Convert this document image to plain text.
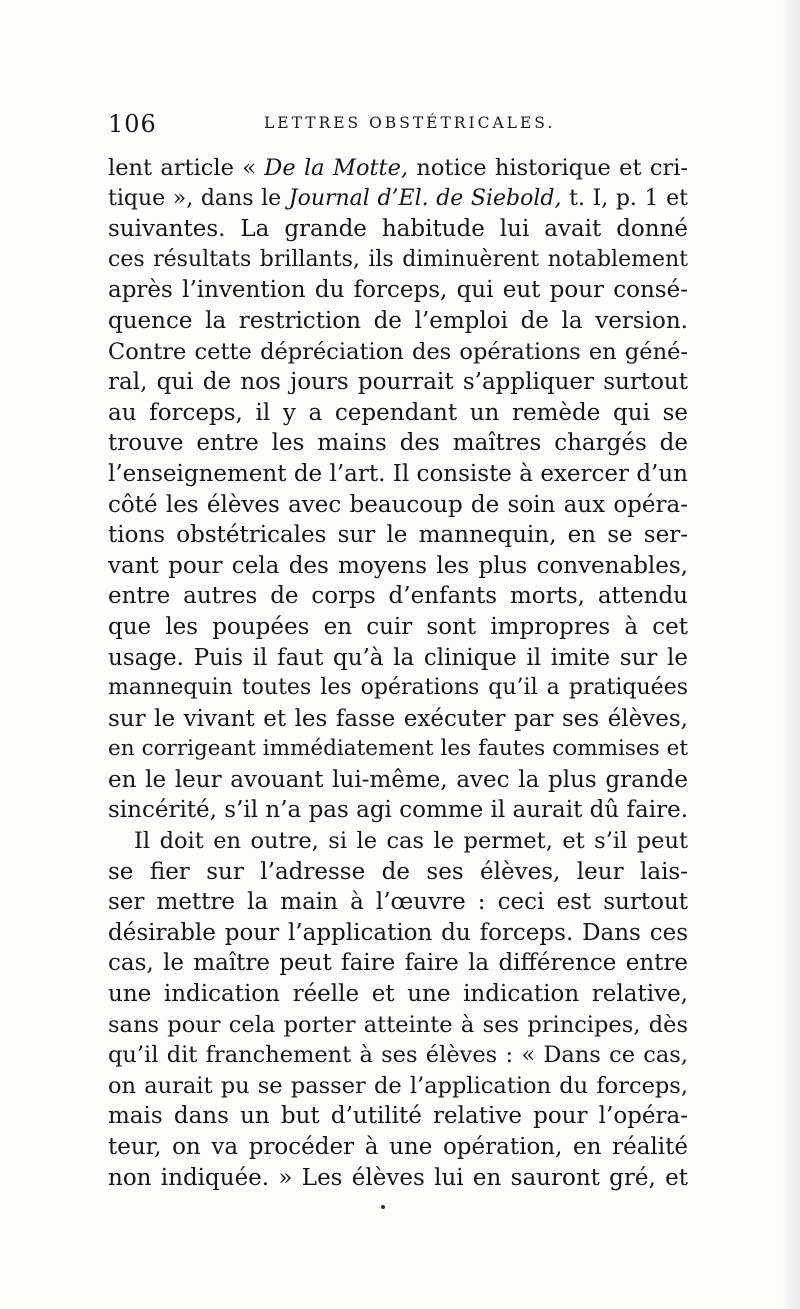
106	LETTRES OBSTÉTRICALES.
lent article « De la Motte, notice historique et cri-
tique », dans le Journal d’El. de Siebold, t. I, p. 1 et
suivantes. La grande habitude lui avait donné
ces résultats brillants, ils diminuèrent notablement
après l’invention du forceps, qui eut pour consé-
quence la restriction de l’emploi de la version.
Contre cette dépréciation des opérations en géné-
ral, qui de nos jours pourrait s’appliquer surtout
au forceps, il y a cependant un remède qui se
trouve entre les mains des maîtres chargés de
l’enseignement de l’art. Il consiste à exercer d’un
côté les élèves avec beaucoup de soin aux opéra-
tions obstétricales sur le mannequin, en se ser-
vant pour cela des moyens les plus convenables,
entre autres de corps d’enfants morts, attendu
que les poupées en cuir sont impropres à cet
usage. Puis il faut qu’à la clinique il imite sur le
mannequin toutes les opérations qu’il a pratiquées
sur le vivant et les fasse exécuter par ses élèves,
en corrigeant immédiatement les fautes commises et
en le leur avouant lui-même, avec la plus grande
sincérité, s’il n’a pas agi comme il aurait dû faire.
Il doit en outre, si le cas le permet, et s’il peut
se fier sur l’adresse de ses élèves, leur lais-
ser mettre la main à l’œuvre : ceci est surtout
désirable pour l’application du forceps. Dans ces
cas, le maître peut faire faire la différence entre
une indication réelle et une indication relative,
sans pour cela porter atteinte à ses principes, dès
qu’il dit franchement à ses élèves : « Dans ce cas,
on aurait pu se passer de l’application du forceps,
mais dans un but d’utilité relative pour l’opéra-
teur, on va procéder à une opération, en réalité
non indiquée. » Les élèves lui en sauront gré, et
